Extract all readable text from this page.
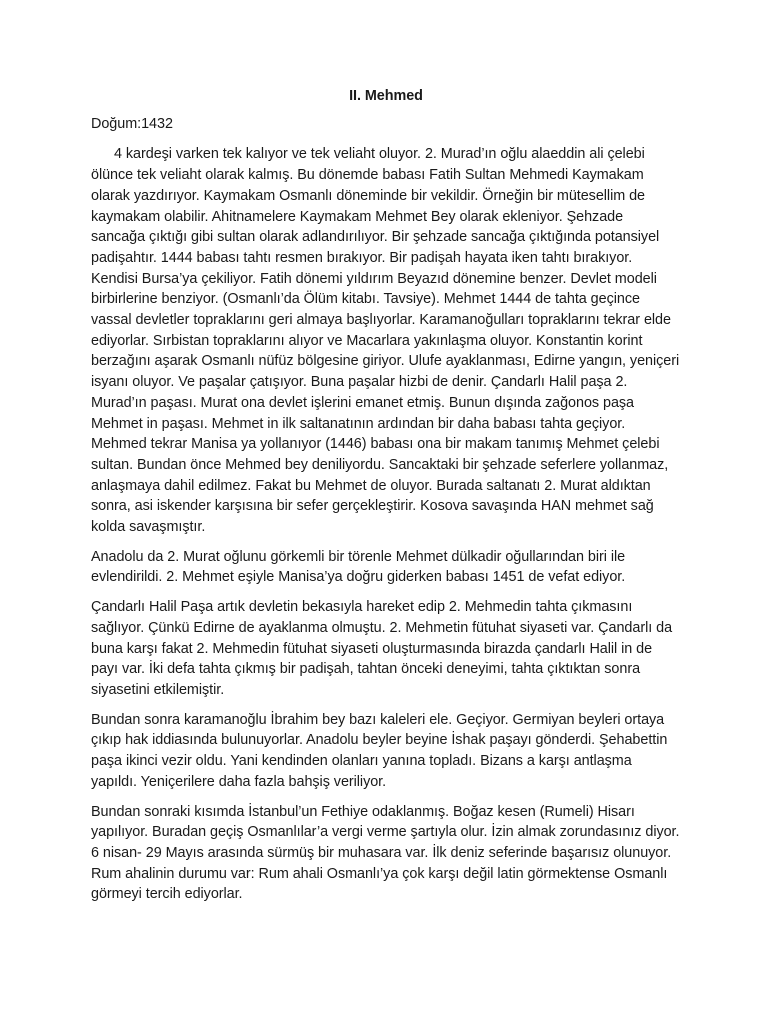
II. Mehmed
Doğum:1432

4 kardeşi varken tek kalıyor ve tek veliaht oluyor. 2. Murad’ın oğlu alaeddin ali çelebi ölünce tek veliaht olarak kalmış. Bu dönemde babası Fatih Sultan Mehmedi Kaymakam olarak yazdırıyor. Kaymakam Osmanlı döneminde bir vekildir. Örneğin bir mütesellim de kaymakam olabilir. Ahitnamelere Kaymakam Mehmet Bey olarak ekleniyor. Şehzade sancağa çıktığı gibi sultan olarak adlandırılıyor. Bir şehzade sancağa çıktığında potansiyel padişahtır. 1444 babası tahtı resmen bırakıyor. Bir padişah hayata iken tahtı bırakıyor. Kendisi Bursa’ya çekiliyor. Fatih dönemi yıldırım Beyazıd dönemine benzer. Devlet modeli birbirlerine benziyor. (Osmanlı’da Ölüm kitabı. Tavsiye). Mehmet 1444 de tahta geçince vassal devletler topraklarını geri almaya başlıyorlar. Karamanoğulları topraklarını tekrar elde ediyorlar. Sırbistan toprakların​ı alıyor ve Macarlara yakınlaşma oluyor. Konstantin korint berzağını aşarak Osmanlı nüfüz bölgesine giriyor. Ulufe ayaklanması, Edirne yangın, yeniçeri isyanı oluyor. Ve paşalar çatışıyor. Buna paşalar hizbi de denir. Çandarlı Halil paşa 2. Murad’ın paşası. Murat ona devlet işlerini emanet etmiş. Bunun dışında zağonos paşa Mehmet in paşası. Mehmet in ilk saltanatının ardından bir daha babası tahta geçiyor. Mehmed tekrar Manisa ya yollanıyor (1446) babası ona bir makam tanımış Mehmet çelebi sultan. Bundan önce Mehmed bey deniliyordu. Sancaktaki bir şehzade seferlere yollanmaz, anlaşmaya dahil edilmez. Fakat bu Mehmet de oluyor. Burada saltanatı 2. Murat aldıktan sonra, asi iskender karşısına bir sefer gerçekleştirir. Kosova savaşında HAN mehmet sağ kolda savaşmıştır.

Anadolu da 2. Murat oğlunu görkemli bir törenle Mehmet dülkadir oğullarından biri ile evlendirildi. 2. Mehmet eşiyle Manisa’ya doğru giderken babası 1451 de vefat ediyor.

Çandarlı Halil Paşa artık devletin bekasıyla hareket edip 2. Mehmedin tahta çıkmasını sağlıyor. Çünkü Edirne de ayaklanma olmuştu. 2. Mehmetin fütuhat siyaseti var. Çandarlı da buna karşı fakat 2. Mehmedin fütuhat siyaseti oluşturmasında birazda çandarlı Halil in de payı var. İki defa tahta çıkmış bir padişah, tahtan önceki deneyimi, tahta çıktıktan sonra siyasetini etkilemiştir.

Bundan sonra karamanoğlu İbrahim bey bazı kaleleri ele. Geçiyor. Germiyan beyleri ortaya çıkıp hak iddiasında bulunuyorlar. Anadolu beyler beyine İshak paşayı gönderdi. Şehabettin paşa ikinci vezir oldu. Yani kendinden olanları yanına topladı. Bizans a karşı antlaşma yapıldı. Yeniçerilere daha fazla bahşiş veriliyor.

Bundan sonraki kısımda İstanbul’un Fethiye odaklanmış. Boğaz kesen (Rumeli) Hisarı yapılıyor. Buradan geçiş Osmanlılar’a vergi verme şartıyla olur. İzin almak zorundasınız diyor. 6 nisan- 29 Mayıs arasında sürmüş bir muhasara var. İlk deniz seferinde başarısız olunuyor. Rum ahalinin durumu var: Rum ahali Osmanlı’ya çok karşı değil latin görmektense Osmanlı görmeyi tercih ediyorlar.
